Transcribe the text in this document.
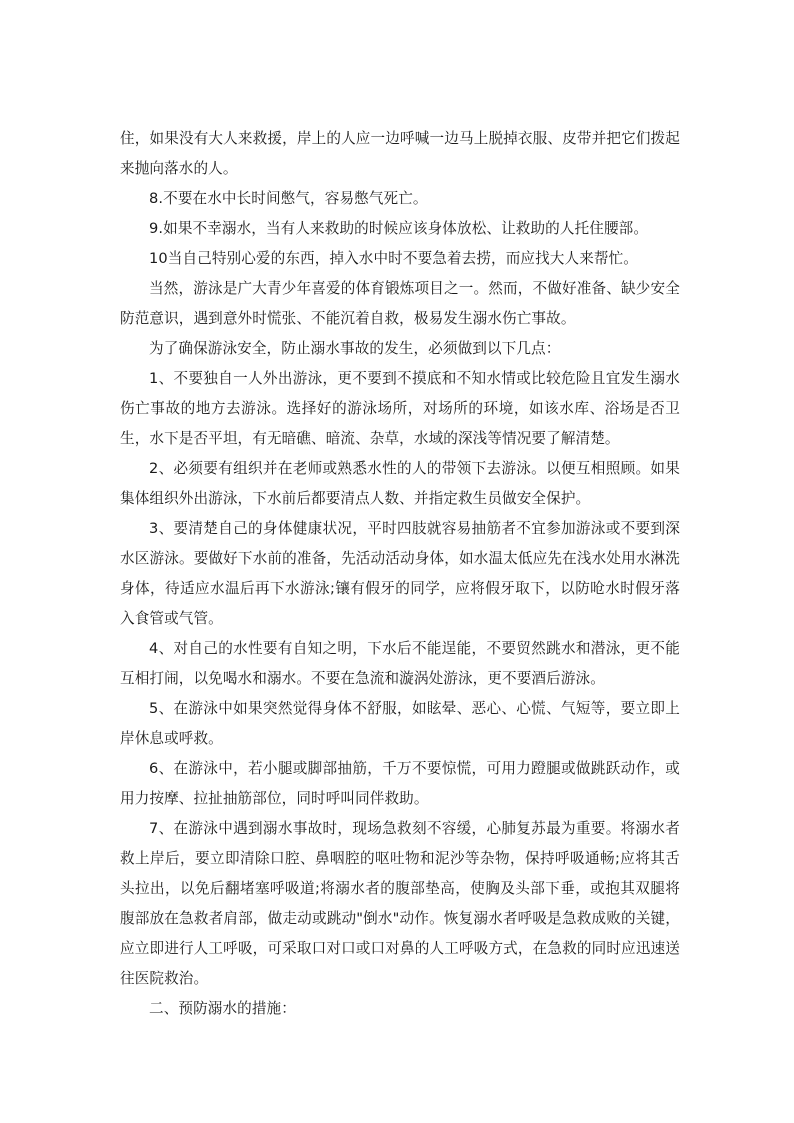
住，如果没有大人来救援，岸上的人应一边呼喊一边马上脱掉衣服、皮带并把它们拨起来抛向落水的人。

8.不要在水中长时间憋气，容易憋气死亡。

9.如果不幸溺水，当有人来救助的时候应该身体放松、让救助的人托住腰部。

10当自己特别心爱的东西，掉入水中时不要急着去捞，而应找大人来帮忙。

当然，游泳是广大青少年喜爱的体育锻炼项目之一。然而，不做好准备、缺少安全防范意识，遇到意外时慌张、不能沉着自救，极易发生溺水伤亡事故。

为了确保游泳安全，防止溺水事故的发生，必须做到以下几点：

1、不要独自一人外出游泳，更不要到不摸底和不知水情或比较危险且宜发生溺水伤亡事故的地方去游泳。选择好的游泳场所，对场所的环境，如该水库、浴场是否卫生，水下是否平坦，有无暗礁、暗流、杂草，水域的深浅等情况要了解清楚。

2、必须要有组织并在老师或熟悉水性的人的带领下去游泳。以便互相照顾。如果集体组织外出游泳，下水前后都要清点人数、并指定救生员做安全保护。

3、要清楚自己的身体健康状况，平时四肢就容易抽筋者不宜参加游泳或不要到深水区游泳。要做好下水前的准备，先活动活动身体，如水温太低应先在浅水处用水淋洗身体，待适应水温后再下水游泳;镶有假牙的同学，应将假牙取下，以防呛水时假牙落入食管或气管。

4、对自己的水性要有自知之明，下水后不能逞能，不要贸然跳水和潜泳，更不能互相打闹，以免喝水和溺水。不要在急流和漩涡处游泳，更不要酒后游泳。

5、在游泳中如果突然觉得身体不舒服，如眩晕、恶心、心慌、气短等，要立即上岸休息或呼救。

6、在游泳中，若小腿或脚部抽筋，千万不要惊慌，可用力蹬腿或做跳跃动作，或用力按摩、拉扯抽筋部位，同时呼叫同伴救助。

7、在游泳中遇到溺水事故时，现场急救刻不容缓，心肺复苏最为重要。将溺水者救上岸后，要立即清除口腔、鼻咽腔的呕吐物和泥沙等杂物，保持呼吸通畅;应将其舌头拉出，以免后翻堵塞呼吸道;将溺水者的腹部垫高，使胸及头部下垂，或抱其双腿将腹部放在急救者肩部，做走动或跳动"倒水"动作。恢复溺水者呼吸是急救成败的关键，应立即进行人工呼吸，可采取口对口或口对鼻的人工呼吸方式，在急救的同时应迅速送往医院救治。

二、预防溺水的措施：
